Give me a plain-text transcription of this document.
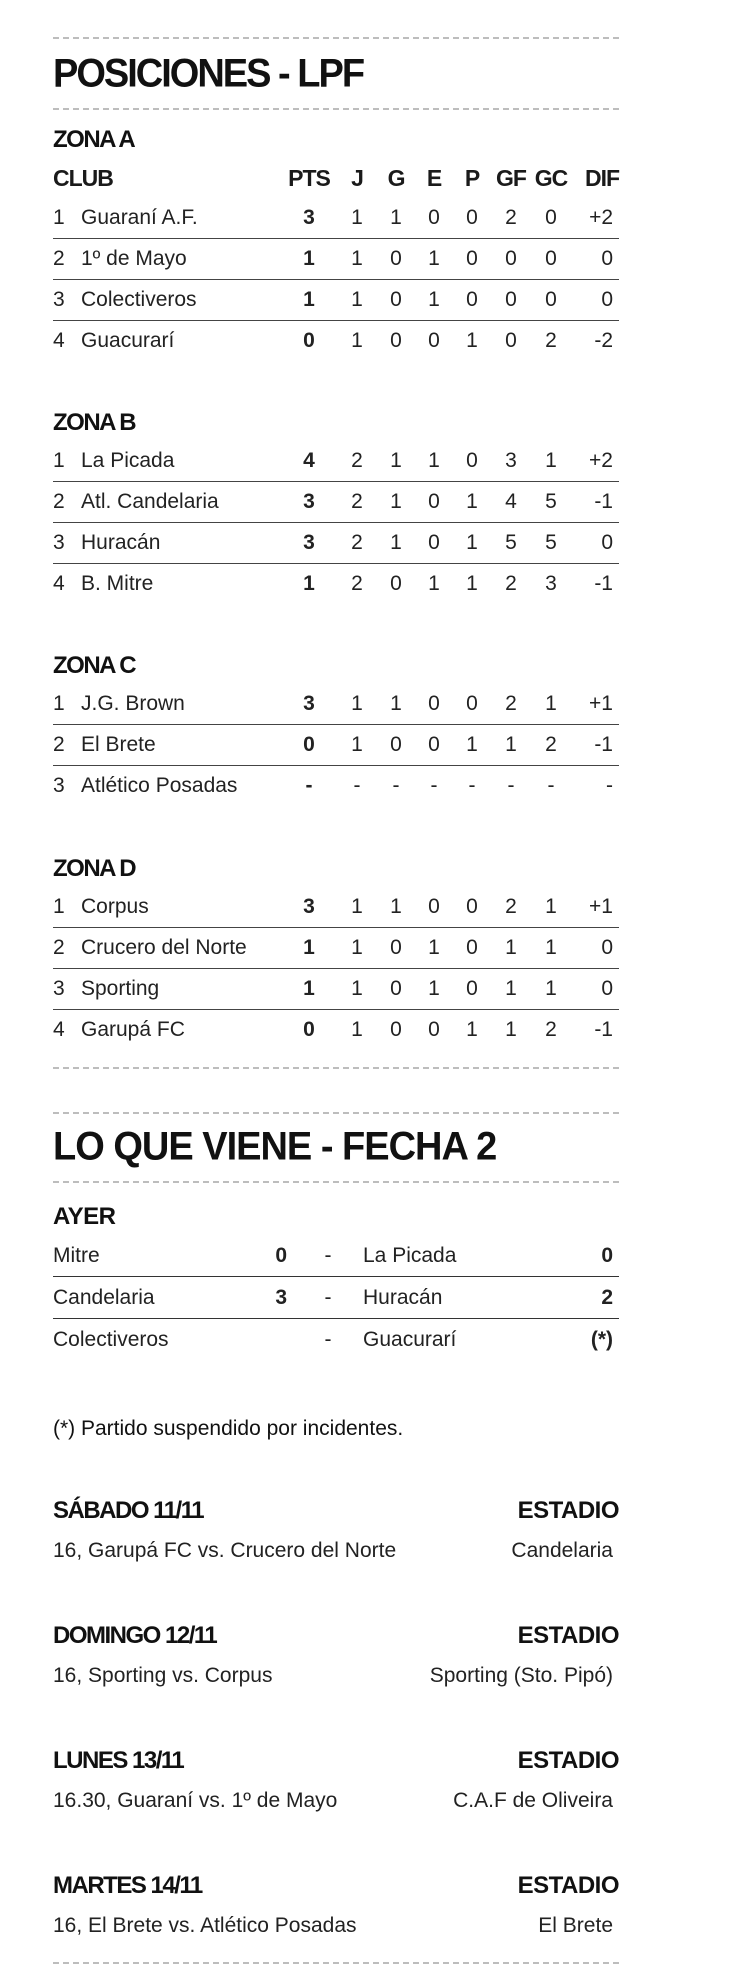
POSICIONES - LPF
ZONA A
CLUB		PTS	J	G	E	P	GF	GC	DIF
1	Guaraní A.F.	3	1	1	0	0	2	0	+2
2	1º de Mayo	1	1	0	1	0	0	0	0
3	Colectiveros	1	1	0	1	0	0	0	0
4	Guacurarí	0	1	0	0	1	0	2	-2
ZONA B
1	La Picada	4	2	1	1	0	3	1	+2
2	Atl. Candelaria	3	2	1	0	1	4	5	-1
3	Huracán	3	2	1	0	1	5	5	0
4	B. Mitre	1	2	0	1	1	2	3	-1
ZONA C
1	J.G. Brown	3	1	1	0	0	2	1	+1
2	El Brete	0	1	0	0	1	1	2	-1
3	Atlético Posadas	-	-	-	-	-	-	-	-
ZONA D
1	Corpus	3	1	1	0	0	2	1	+1
2	Crucero del Norte	1	1	0	1	0	1	1	0
3	Sporting	1	1	0	1	0	1	1	0
4	Garupá FC	0	1	0	0	1	1	2	-1
LO QUE VIENE - FECHA 2
AYER
Mitre	0	-	La Picada	0
Candelaria	3	-	Huracán	2
Colectiveros		-	Guacurarí	(*)
(*) Partido suspendido por incidentes.
SÁBADO 11/11	ESTADIO
16, Garupá FC vs. Crucero del Norte	Candelaria
DOMINGO 12/11	ESTADIO
16, Sporting vs. Corpus	Sporting (Sto. Pipó)
LUNES 13/11	ESTADIO
16.30, Guaraní vs. 1º de Mayo	C.A.F de Oliveira
MARTES 14/11	ESTADIO
16, El Brete vs. Atlético Posadas	El Brete
